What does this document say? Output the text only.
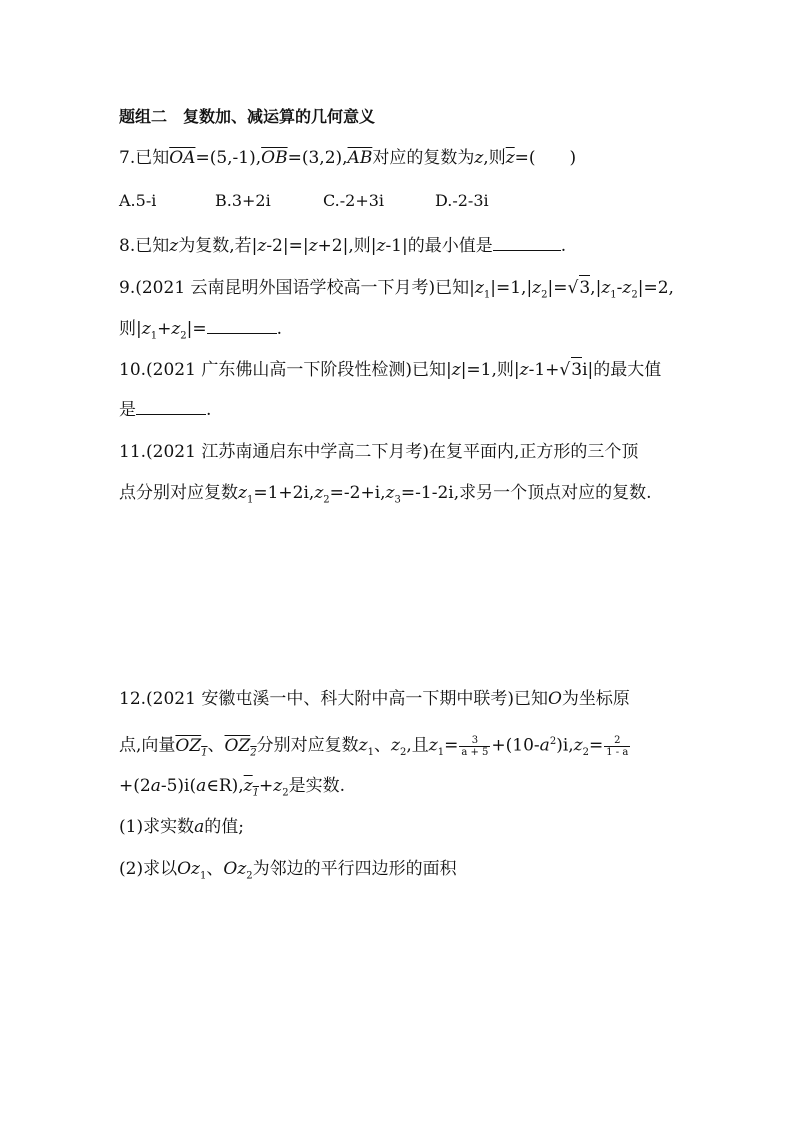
题组二　复数加、减运算的几何意义
7.已知$\overline{OA}=(5,-1),\overline{OB}=(3,2),\overline{AB}$对应的复数为z,则$\overline{z}=$(　　)
A.5-i	B.3+2i	C.-2+3i	D.-2-3i
8.已知z为复数,若|z-2|=|z+2|,则|z-1|的最小值是	.
9.(2021 云南昆明外国语学校高一下月考)已知$|z_1|=1,|z_2|=√3,|z_1-z_2|=2$,
则$|z_1+z_2|=$	.
10.(2021 广东佛山高一下阶段性检测)已知|z|=1,则|z-1+√3i|的最大值
是	.
11.(2021 江苏南通启东中学高二下月考)在复平面内,正方形的三个顶
点分别对应复数$z_1=1+2i,z_2=-2+i,z_3=-1-2i$,求另一个顶点对应的复数.
12.(2021 安徽屯溪一中、科大附中高一下期中联考)已知O为坐标原
点,向量$OZ_1$、$OZ_2$分别对应复数$z_1$、$z_2$,且$z_1= \frac{3}{a + 5} +(10-a^2)i,z_2= \frac{2}{1 - a}$
$+(2a-5)i(a\in R),z_1+z_2$是实数.
(1)求实数a的值;
(2)求以$Oz_1$、$Oz_2$为邻边的平行四边形的面积
